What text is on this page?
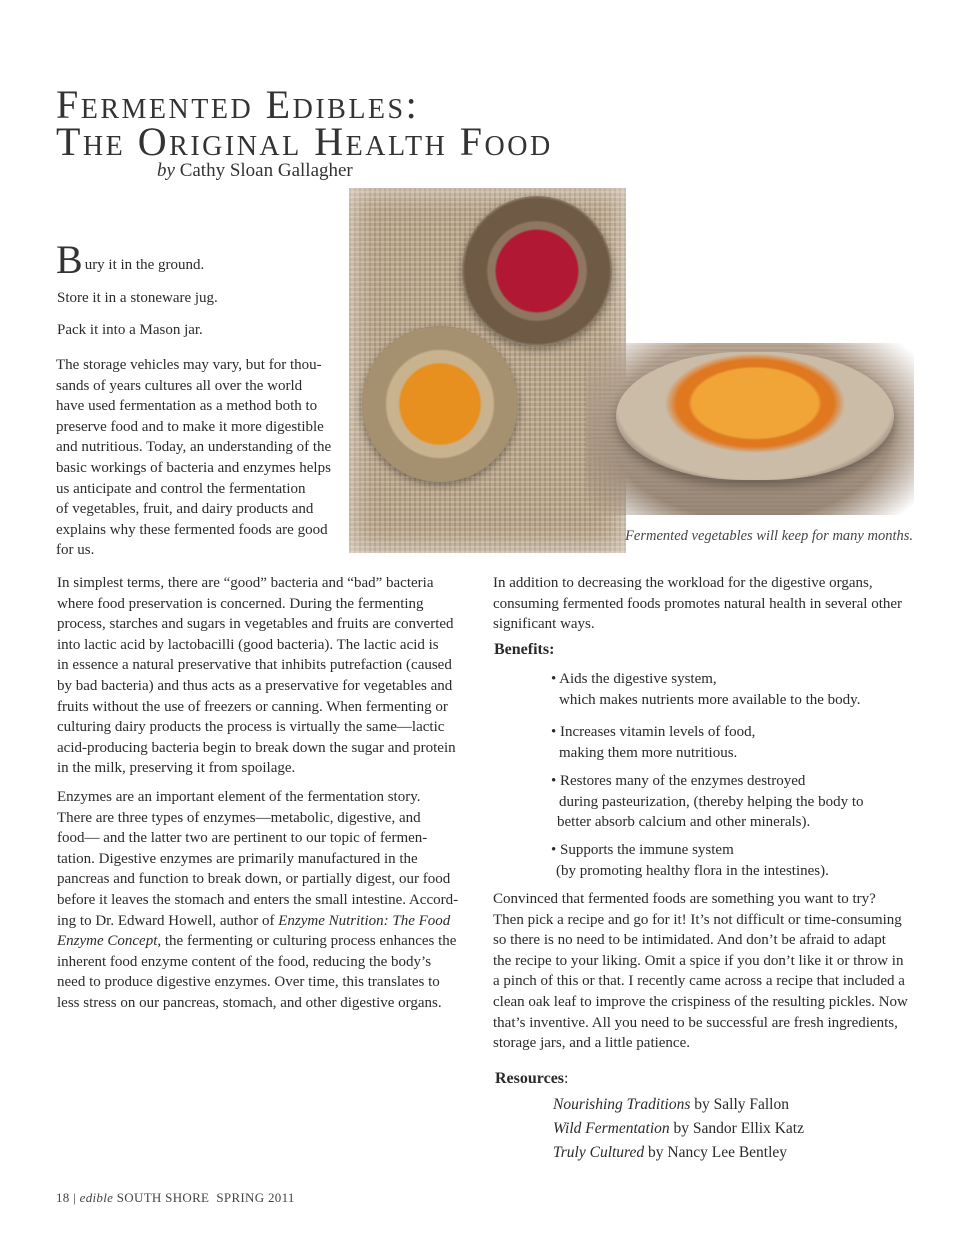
Fermented Edibles:
The Original Health Food
by Cathy Sloan Gallagher
Fermented vegetables will keep for many months.
Bury it in the ground.
Store it in a stoneware jug.
Pack it into a Mason jar.
The storage vehicles may vary, but for thou-
sands of years cultures all over the world
have used fermentation as a method both to
preserve food and to make it more digestible
and nutritious. Today, an understanding of the
basic workings of bacteria and enzymes helps
us anticipate and control the fermentation
of vegetables, fruit, and dairy products and
explains why these fermented foods are good
for us.
In simplest terms, there are “good” bacteria and “bad” bacteria
where food preservation is concerned. During the fermenting
process, starches and sugars in vegetables and fruits are converted
into lactic acid by lactobacilli (good bacteria). The lactic acid is
in essence a natural preservative that inhibits putrefaction (caused
by bad bacteria) and thus acts as a preservative for vegetables and
fruits without the use of freezers or canning. When fermenting or
culturing dairy products the process is virtually the same—lactic
acid-producing bacteria begin to break down the sugar and protein
in the milk, preserving it from spoilage.
Enzymes are an important element of the fermentation story.
There are three types of enzymes—metabolic, digestive, and
food— and the latter two are pertinent to our topic of fermen-
tation. Digestive enzymes are primarily manufactured in the
pancreas and function to break down, or partially digest, our food
before it leaves the stomach and enters the small intestine. Accord-
ing to Dr. Edward Howell, author of Enzyme Nutrition: The Food
Enzyme Concept, the fermenting or culturing process enhances the
inherent food enzyme content of the food, reducing the body’s
need to produce digestive enzymes. Over time, this translates to
less stress on our pancreas, stomach, and other digestive organs.
In addition to decreasing the workload for the digestive organs,
consuming fermented foods promotes natural health in several other
significant ways.
Benefits:
• Aids the digestive system,
which makes nutrients more available to the body.
• Increases vitamin levels of food,
making them more nutritious.
• Restores many of the enzymes destroyed
during pasteurization, (thereby helping the body to
better absorb calcium and other minerals).
• Supports the immune system
(by promoting healthy flora in the intestines).
Convinced that fermented foods are something you want to try?
Then pick a recipe and go for it! It’s not difficult or time-consuming
so there is no need to be intimidated. And don’t be afraid to adapt
the recipe to your liking. Omit a spice if you don’t like it or throw in
a pinch of this or that. I recently came across a recipe that included a
clean oak leaf to improve the crispiness of the resulting pickles. Now
that’s inventive. All you need to be successful are fresh ingredients,
storage jars, and a little patience.
Resources:
Nourishing Traditions by Sally Fallon
Wild Fermentation by Sandor Ellix Katz
Truly Cultured by Nancy Lee Bentley
18 | edible SOUTH SHORE  SPRING 2011
